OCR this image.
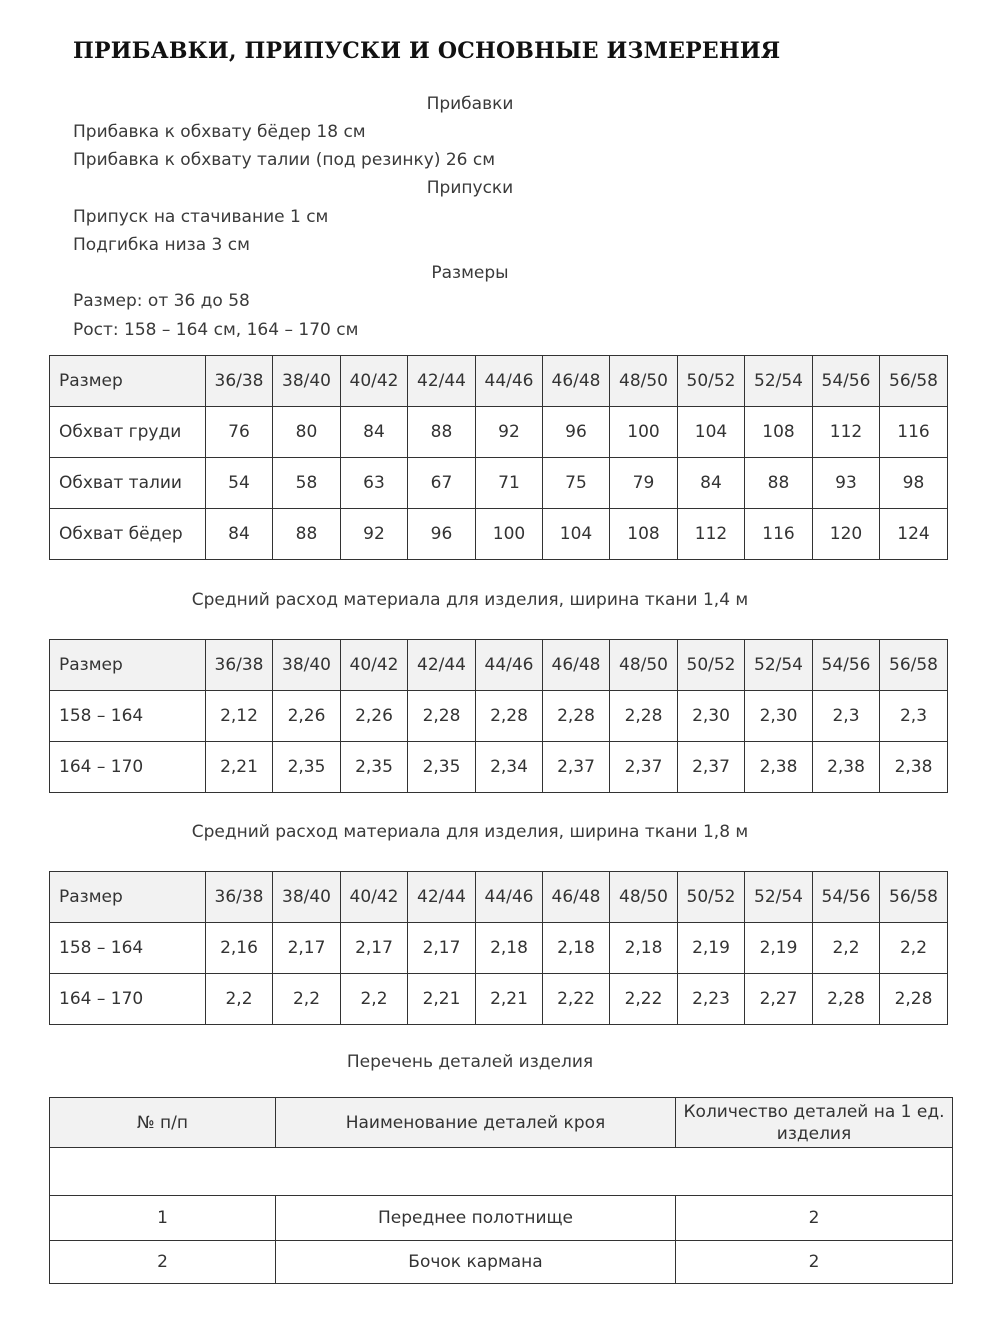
ПРИБАВКИ, ПРИПУСКИ И ОСНОВНЫЕ ИЗМЕРЕНИЯ
Прибавки
Прибавка к обхвату бёдер 18 см
Прибавка к обхвату талии (под резинку) 26 см
Припуски
Припуск на стачивание 1 см
Подгибка низа 3 см
Размеры
Размер: от 36 до 58
Рост: 158 – 164 см, 164 – 170 см
Размер	36/38	38/40	40/42	42/44	44/46	46/48	48/50	50/52	52/54	54/56	56/58
Обхват груди	76	80	84	88	92	96	100	104	108	112	116
Обхват талии	54	58	63	67	71	75	79	84	88	93	98
Обхват бёдер	84	88	92	96	100	104	108	112	116	120	124
Средний расход материала для изделия, ширина ткани 1,4 м
Размер	36/38	38/40	40/42	42/44	44/46	46/48	48/50	50/52	52/54	54/56	56/58
158 – 164	2,12	2,26	2,26	2,28	2,28	2,28	2,28	2,30	2,30	2,3	2,3
164 – 170	2,21	2,35	2,35	2,35	2,34	2,37	2,37	2,37	2,38	2,38	2,38
Средний расход материала для изделия, ширина ткани 1,8 м
Размер	36/38	38/40	40/42	42/44	44/46	46/48	48/50	50/52	52/54	54/56	56/58
158 – 164	2,16	2,17	2,17	2,17	2,18	2,18	2,18	2,19	2,19	2,2	2,2
164 – 170	2,2	2,2	2,2	2,21	2,21	2,22	2,22	2,23	2,27	2,28	2,28
Перечень деталей изделия
№ п/п	Наименование деталей кроя	Количество деталей на 1 ед. изделия

1	Переднее полотнище	2
2	Бочок кармана	2
